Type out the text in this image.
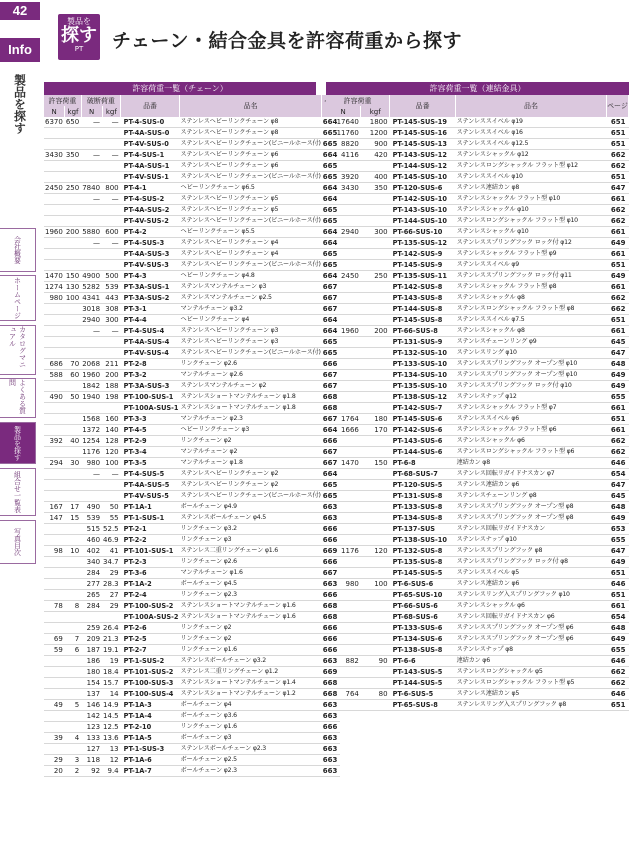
42
Info
製品を探す
会社概要
ホームページ
カタログマニュアル
よくある質問
製品を探す
組合せ一覧表
写真目次
製品を
探す
PT	チェーン・結合金具を許容荷重から探す
許容荷重一覧（チェーン）
許容荷重		破断荷重		品番	品名	
N	kgf	N	kgf			
6370	650	—	—	PT-4-SUS-0	ステンレスヘビーリンクチェーン φ8	664
				PT-4A-SUS-0	ステンレスヘビーリンクチェーン φ8	665
				PT-4V-SUS-0	ステンレスヘビーリンクチェーン(ビニールホース付)	665
3430	350	—	—	PT-4-SUS-1	ステンレスヘビーリンクチェーン φ6	664
				PT-4A-SUS-1	ステンレスヘビーリンクチェーン φ6	665
				PT-4V-SUS-1	ステンレスヘビーリンクチェーン(ビニールホース付)	665
2450	250	7840	800	PT-4-1	ヘビーリンクチェーン φ6.5	664
		—	—	PT-4-SUS-2	ステンレスヘビーリンクチェーン φ5	664
				PT-4A-SUS-2	ステンレスヘビーリンクチェーン φ5	665
				PT-4V-SUS-2	ステンレスヘビーリンクチェーン(ビニールホース付)	665
1960	200	5880	600	PT-4-2	ヘビーリンクチェーン φ5.5	664
		—	—	PT-4-SUS-3	ステンレスヘビーリンクチェーン φ4	664
				PT-4A-SUS-3	ステンレスヘビーリンクチェーン φ4	665
				PT-4V-SUS-3	ステンレスヘビーリンクチェーン(ビニールホース付)	665
1470	150	4900	500	PT-4-3	ヘビーリンクチェーン φ4.8	664
1274	130	5282	539	PT-3A-SUS-1	ステンレスマンテルチェーン φ3	667
980	100	4341	443	PT-3A-SUS-2	ステンレスマンテルチェーン φ2.5	667
		3018	308	PT-3-1	マンテルチェーン φ3.2	667
		2940	300	PT-4-4	ヘビーリンクチェーン φ4	664
		—	—	PT-4-SUS-4	ステンレスヘビーリンクチェーン φ3	664
				PT-4A-SUS-4	ステンレスヘビーリンクチェーン φ3	665
				PT-4V-SUS-4	ステンレスヘビーリンクチェーン(ビニールホース付)	665
686	70	2068	211	PT-2-8	リンクチェーン φ2.6	666
588	60	1960	200	PT-3-2	マンテルチェーン φ2.6	667
		1842	188	PT-3A-SUS-3	ステンレスマンテルチェーン φ2	667
490	50	1940	198	PT-100-SUS-1	ステンレスショートマンテルチェーン φ1.8	668
				PT-100A-SUS-1	ステンレスショートマンテルチェーン φ1.8	668
		1568	160	PT-3-3	マンテルチェーン φ2.3	667
		1372	140	PT-4-5	ヘビーリンクチェーン φ3	664
392	40	1254	128	PT-2-9	リンクチェーン φ2	666
		1176	120	PT-3-4	マンテルチェーン φ2	667
294	30	980	100	PT-3-5	マンテルチェーン φ1.8	667
		—	—	PT-4-SUS-5	ステンレスヘビーリンクチェーン φ2	664
				PT-4A-SUS-5	ステンレスヘビーリンクチェーン φ2	665
				PT-4V-SUS-5	ステンレスヘビーリンクチェーン(ビニールホース付)	665
167	17	490	50	PT-1A-1	ボールチェーン φ4.9	663
147	15	539	55	PT-1-SUS-1	ステンレスボールチェーン φ4.5	663
		515	52.5	PT-2-1	リンクチェーン φ3.2	666
		460	46.9	PT-2-2	リンクチェーン φ3	666
98	10	402	41	PT-101-SUS-1	ステンレス二重リングチェーン φ1.6	669
		340	34.7	PT-2-3	リンクチェーン φ2.6	666
		284	29	PT-3-6	マンテルチェーン φ1.6	667
		277	28.3	PT-1A-2	ボールチェーン φ4.5	663
		265	27	PT-2-4	リンクチェーン φ2.3	666
78	8	284	29	PT-100-SUS-2	ステンレスショートマンテルチェーン φ1.6	668
				PT-100A-SUS-2	ステンレスショートマンテルチェーン φ1.6	668
		259	26.4	PT-2-6	リンクチェーン φ2	666
69	7	209	21.3	PT-2-5	リンクチェーン φ2	666
59	6	187	19.1	PT-2-7	リンクチェーン φ1.6	666
		186	19	PT-1-SUS-2	ステンレスボールチェーン φ3.2	663
		180	18.4	PT-101-SUS-2	ステンレス二重リングチェーン φ1.2	669
		154	15.7	PT-100-SUS-3	ステンレスショートマンテルチェーン φ1.4	668
		137	14	PT-100-SUS-4	ステンレスショートマンテルチェーン φ1.2	668
49	5	146	14.9	PT-1A-3	ボールチェーン φ4	663
		142	14.5	PT-1A-4	ボールチェーン φ3.6	663
		123	12.5	PT-2-10	リンクチェーン φ1.6	666
39	4	133	13.6	PT-1A-5	ボールチェーン φ3	663
		127	13	PT-1-SUS-3	ステンレスボールチェーン φ2.3	663
29	3	118	12	PT-1A-6	ボールチェーン φ2.5	663
20	2	92	9.4	PT-1A-7	ボールチェーン φ2.3	663
許容荷重一覧（連結金具）
許容荷重		品番	品名	ページ
N	kgf			
17640	1800	PT-145-SUS-19	ステンレススイベル φ19	651
11760	1200	PT-145-SUS-16	ステンレススイベル φ16	651
8820	900	PT-145-SUS-13	ステンレススイベル φ12.5	651
4116	420	PT-143-SUS-12	ステンレスシャックル φ12	662
		PT-144-SUS-12	ステンレスロングシャックル フラット型 φ12	662
3920	400	PT-145-SUS-10	ステンレススイベル φ10	651
3430	350	PT-120-SUS-6	ステンレス連結カン φ8	647
		PT-142-SUS-10	ステンレスシャックル フラット型 φ10	661
		PT-143-SUS-10	ステンレスシャックル φ10	662
		PT-144-SUS-10	ステンレスロングシャックル フラット型 φ10	662
2940	300	PT-66-SUS-10	ステンレスシャックル φ10	661
		PT-135-SUS-12	ステンレススプリングフック ロック付 φ12	649
		PT-142-SUS-9	ステンレスシャックル フラット型 φ9	661
		PT-145-SUS-9	ステンレススイベル φ9	651
2450	250	PT-135-SUS-11	ステンレススプリングフック ロック付 φ11	649
		PT-142-SUS-8	ステンレスシャックル フラット型 φ8	661
		PT-143-SUS-8	ステンレスシャックル φ8	662
		PT-144-SUS-8	ステンレスロングシャックル フラット型 φ8	662
		PT-145-SUS-8	ステンレススイベル φ7.5	651
1960	200	PT-66-SUS-8	ステンレスシャックル φ8	661
		PT-131-SUS-9	ステンレスチェーンリング φ9	645
		PT-132-SUS-10	ステンレスリング φ10	647
		PT-133-SUS-10	ステンレススプリングフック オープン型 φ10	648
		PT-134-SUS-10	ステンレススプリングフック オープン型 φ10	649
		PT-135-SUS-10	ステンレススプリングフック ロック付 φ10	649
		PT-138-SUS-12	ステンレスナップ φ12	655
		PT-142-SUS-7	ステンレスシャックル フラット型 φ7	661
1764	180	PT-145-SUS-6	ステンレススイベル φ6	651
1666	170	PT-142-SUS-6	ステンレスシャックル フラット型 φ6	661
		PT-143-SUS-6	ステンレスシャックル φ6	662
		PT-144-SUS-6	ステンレスロングシャックル フラット型 φ6	662
1470	150	PT-6-8	連結カン φ8	646
		PT-68-SUS-7	ステンレス回転リガイドナスカン φ7	654
		PT-120-SUS-5	ステンレス連結カン φ6	647
		PT-131-SUS-8	ステンレスチェーンリング φ8	645
		PT-133-SUS-8	ステンレススプリングフック オープン型 φ8	648
		PT-134-SUS-8	ステンレススプリングフック オープン型 φ8	649
		PT-137-SUS	ステンレス回転リガイドナスカン	653
		PT-138-SUS-10	ステンレスナップ φ10	655
1176	120	PT-132-SUS-8	ステンレススプリングフック φ8	647
		PT-135-SUS-8	ステンレススプリングフック ロック付 φ8	649
		PT-145-SUS-5	ステンレススイベル φ5	651
980	100	PT-6-SUS-6	ステンレス連結カン φ6	646
		PT-65-SUS-10	ステンレスリング入スプリングフック φ10	651
		PT-66-SUS-6	ステンレスシャックル φ6	661
		PT-68-SUS-6	ステンレス回転リガイドナスカン φ6	654
		PT-133-SUS-6	ステンレススプリングフック オープン型 φ6	648
		PT-134-SUS-6	ステンレススプリングフック オープン型 φ6	649
		PT-138-SUS-8	ステンレスナップ φ8	655
882	90	PT-6-6	連結カン φ6	646
		PT-143-SUS-5	ステンレスロングシャックル φ5	662
		PT-144-SUS-5	ステンレスロングシャックル フラット型 φ5	662
764	80	PT-6-SUS-5	ステンレス連結カン φ5	646
		PT-65-SUS-8	ステンレスリング入スプリングフック φ8	651
